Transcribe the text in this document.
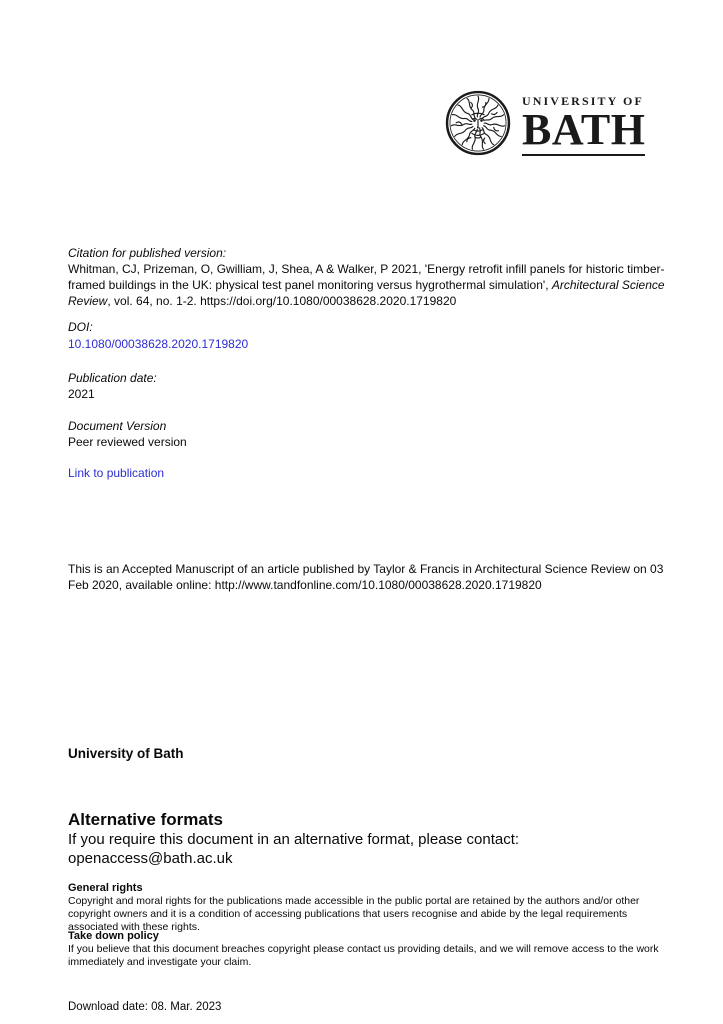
UNIVERSITY OF
BATH
Citation for published version:
Whitman, CJ, Prizeman, O, Gwilliam, J, Shea, A & Walker, P 2021, 'Energy retrofit infill panels for historic timber-framed buildings in the UK: physical test panel monitoring versus hygrothermal simulation', Architectural Science Review, vol. 64, no. 1-2. https://doi.org/10.1080/00038628.2020.1719820
DOI:
10.1080/00038628.2020.1719820
Publication date:
2021
Document Version
Peer reviewed version
Link to publication
This is an Accepted Manuscript of an article published by Taylor & Francis in Architectural Science Review on 03 Feb 2020, available online: http://www.tandfonline.com/10.1080/00038628.2020.1719820
University of Bath
Alternative formats
If you require this document in an alternative format, please contact:
openaccess@bath.ac.uk
General rights
Copyright and moral rights for the publications made accessible in the public portal are retained by the authors and/or other copyright owners and it is a condition of accessing publications that users recognise and abide by the legal requirements associated with these rights.
Take down policy
If you believe that this document breaches copyright please contact us providing details, and we will remove access to the work immediately and investigate your claim.
Download date: 08. Mar. 2023
